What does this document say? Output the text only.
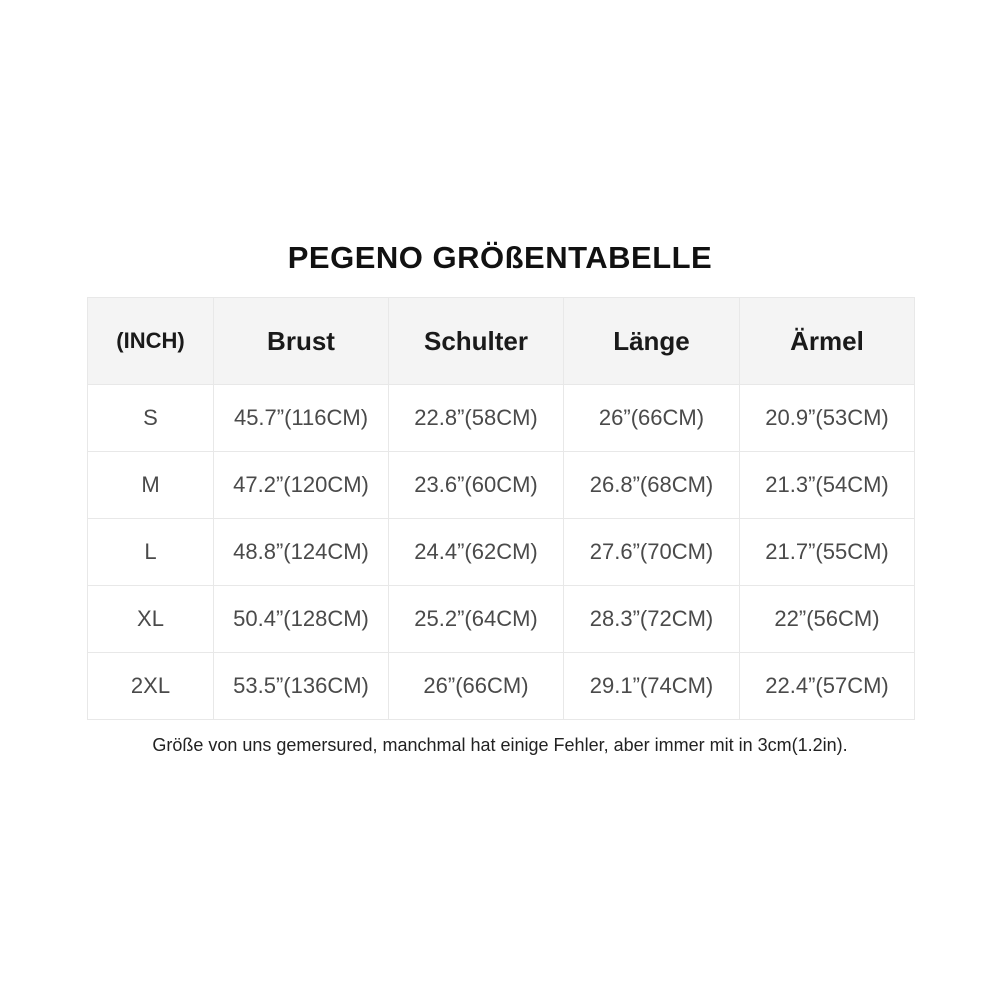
PEGENO GRÖßENTABELLE
(INCH)	Brust	Schulter	Länge	Ärmel
S	45.7”(116CM)	22.8”(58CM)	26”(66CM)	20.9”(53CM)
M	47.2”(120CM)	23.6”(60CM)	26.8”(68CM)	21.3”(54CM)
L	48.8”(124CM)	24.4”(62CM)	27.6”(70CM)	21.7”(55CM)
XL	50.4”(128CM)	25.2”(64CM)	28.3”(72CM)	22”(56CM)
2XL	53.5”(136CM)	26”(66CM)	29.1”(74CM)	22.4”(57CM)
Größe von uns gemersured, manchmal hat einige Fehler, aber immer mit in 3cm(1.2in).
